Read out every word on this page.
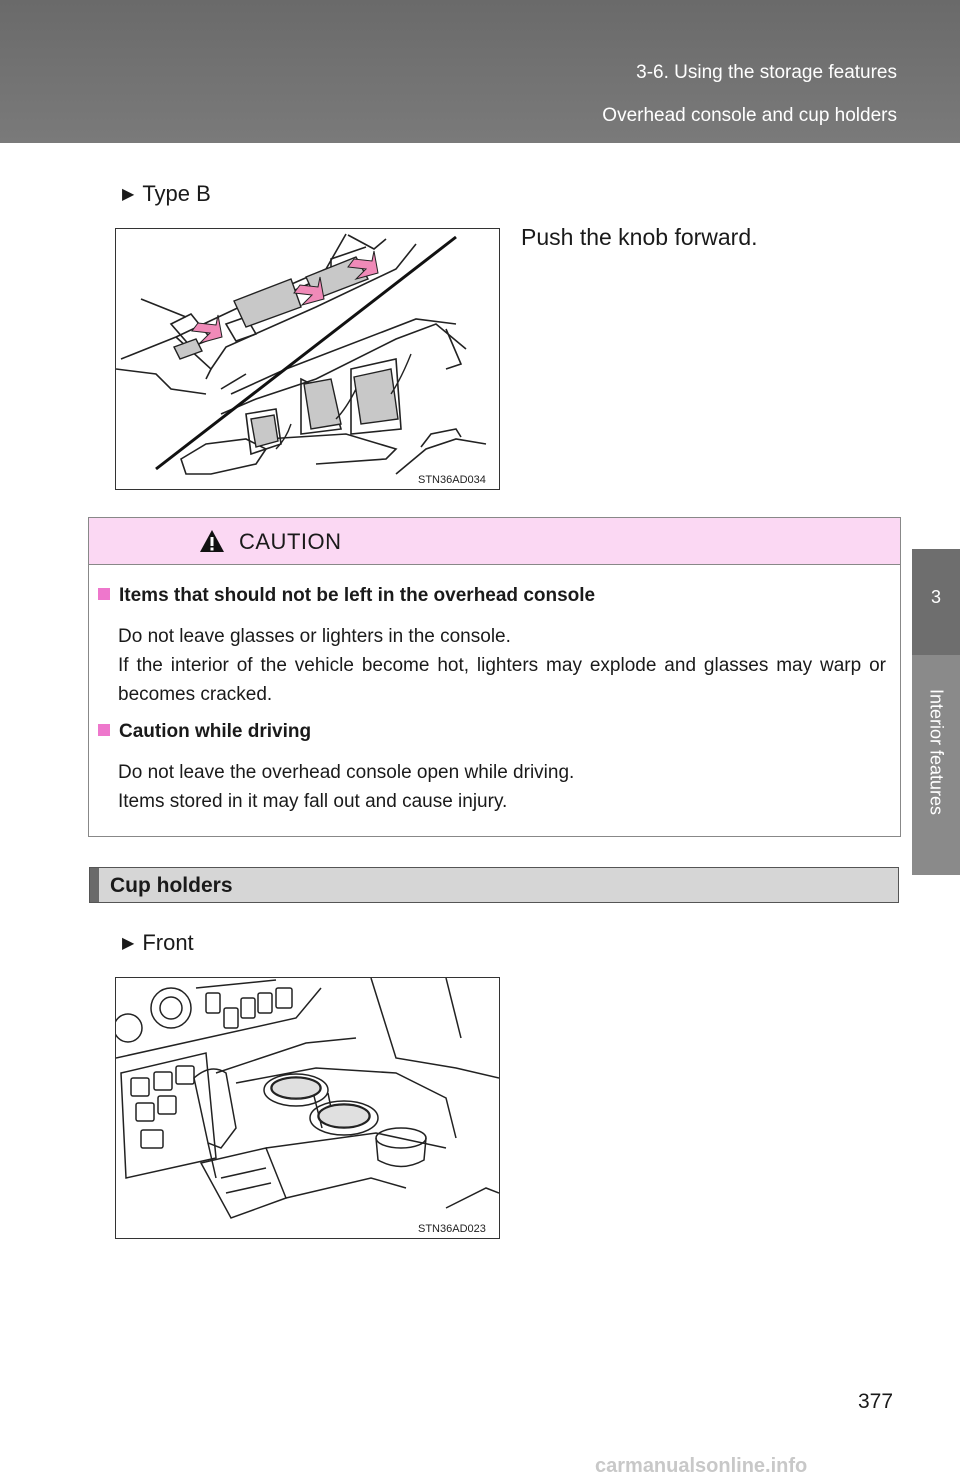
3-6. Using the storage features
Overhead console and cup holders
3
Interior features
▶ Type B
Push the knob forward.
STN36AD034
CAUTION
Items that should not be left in the overhead console

Do not leave glasses or lighters in the console.

If the interior of the vehicle become hot, lighters may explode and glasses may warp or becomes cracked.

Caution while driving

Do not leave the overhead console open while driving.

Items stored in it may fall out and cause injury.

Cup holders
▶ Front
STN36AD023
377
carmanualsonline.info
